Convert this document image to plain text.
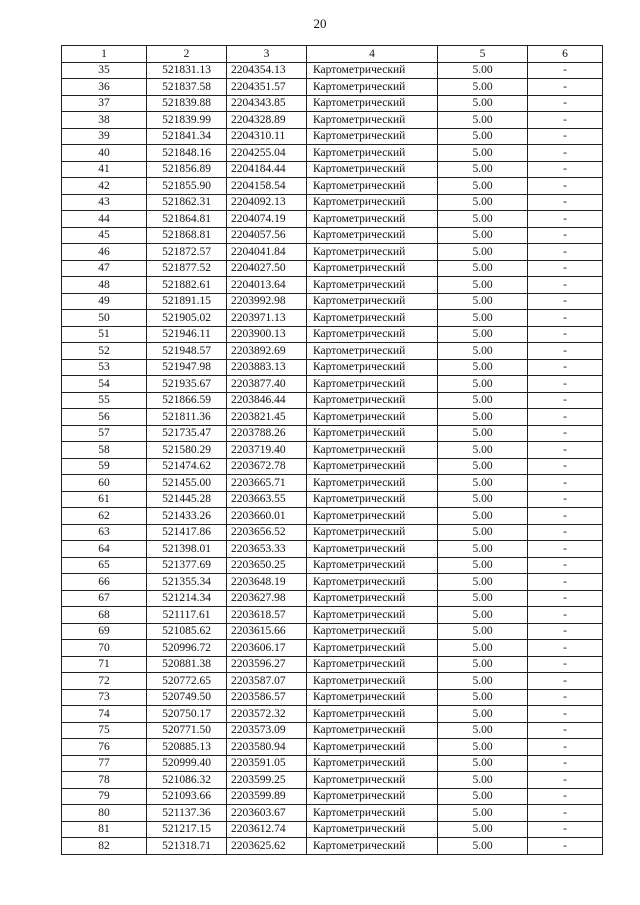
20
1	2	3	4	5	6
35	521831.13	2204354.13	Картометрический	5.00	-
36	521837.58	2204351.57	Картометрический	5.00	-
37	521839.88	2204343.85	Картометрический	5.00	-
38	521839.99	2204328.89	Картометрический	5.00	-
39	521841.34	2204310.11	Картометрический	5.00	-
40	521848.16	2204255.04	Картометрический	5.00	-
41	521856.89	2204184.44	Картометрический	5.00	-
42	521855.90	2204158.54	Картометрический	5.00	-
43	521862.31	2204092.13	Картометрический	5.00	-
44	521864.81	2204074.19	Картометрический	5.00	-
45	521868.81	2204057.56	Картометрический	5.00	-
46	521872.57	2204041.84	Картометрический	5.00	-
47	521877.52	2204027.50	Картометрический	5.00	-
48	521882.61	2204013.64	Картометрический	5.00	-
49	521891.15	2203992.98	Картометрический	5.00	-
50	521905.02	2203971.13	Картометрический	5.00	-
51	521946.11	2203900.13	Картометрический	5.00	-
52	521948.57	2203892.69	Картометрический	5.00	-
53	521947.98	2203883.13	Картометрический	5.00	-
54	521935.67	2203877.40	Картометрический	5.00	-
55	521866.59	2203846.44	Картометрический	5.00	-
56	521811.36	2203821.45	Картометрический	5.00	-
57	521735.47	2203788.26	Картометрический	5.00	-
58	521580.29	2203719.40	Картометрический	5.00	-
59	521474.62	2203672.78	Картометрический	5.00	-
60	521455.00	2203665.71	Картометрический	5.00	-
61	521445.28	2203663.55	Картометрический	5.00	-
62	521433.26	2203660.01	Картометрический	5.00	-
63	521417.86	2203656.52	Картометрический	5.00	-
64	521398.01	2203653.33	Картометрический	5.00	-
65	521377.69	2203650.25	Картометрический	5.00	-
66	521355.34	2203648.19	Картометрический	5.00	-
67	521214.34	2203627.98	Картометрический	5.00	-
68	521117.61	2203618.57	Картометрический	5.00	-
69	521085.62	2203615.66	Картометрический	5.00	-
70	520996.72	2203606.17	Картометрический	5.00	-
71	520881.38	2203596.27	Картометрический	5.00	-
72	520772.65	2203587.07	Картометрический	5.00	-
73	520749.50	2203586.57	Картометрический	5.00	-
74	520750.17	2203572.32	Картометрический	5.00	-
75	520771.50	2203573.09	Картометрический	5.00	-
76	520885.13	2203580.94	Картометрический	5.00	-
77	520999.40	2203591.05	Картометрический	5.00	-
78	521086.32	2203599.25	Картометрический	5.00	-
79	521093.66	2203599.89	Картометрический	5.00	-
80	521137.36	2203603.67	Картометрический	5.00	-
81	521217.15	2203612.74	Картометрический	5.00	-
82	521318.71	2203625.62	Картометрический	5.00	-
